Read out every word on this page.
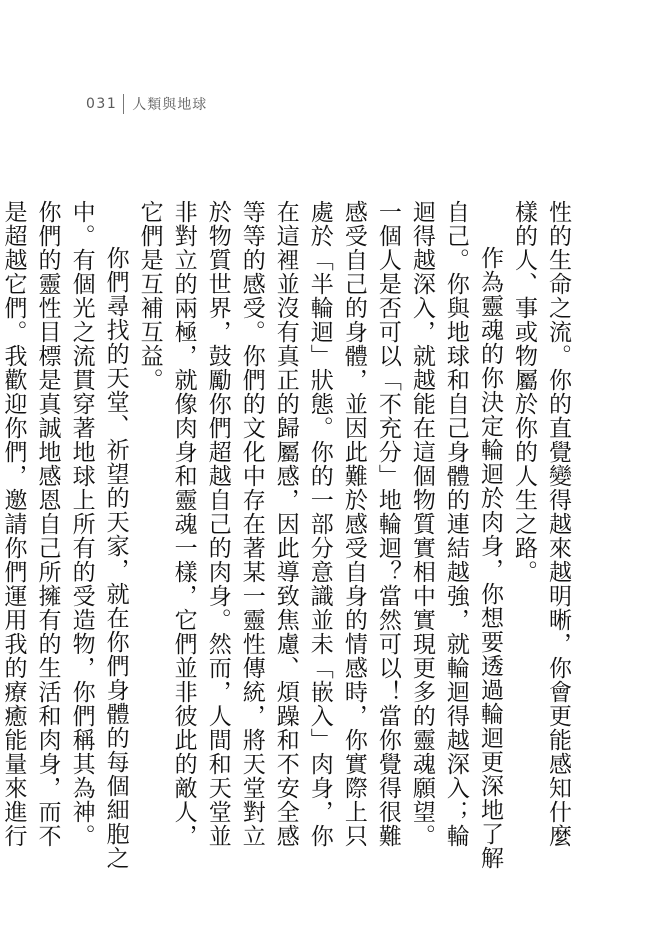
031 人類與地球

性的生命之流。你的直覺變得越來越明晰，你會更能感知什麼樣的人、事或物屬於你的人生之路。

作為靈魂的你決定輪迴於肉身，你想要透過輪迴更深地了解自己。你與地球和自己身體的連結越強，就輪迴得越深入；輪迴得越深入，就越能在這個物質實相中實現更多的靈魂願望。一個人是否可以「不充分」地輪迴？當然可以！當你覺得很難感受自己的身體，並因此難於感受自身的情感時，你實際上只處於「半輪迴」狀態。你的一部分意識並未「嵌入」肉身，你在這裡並沒有真正的歸屬感，因此導致焦慮、煩躁和不安全感等等的感受。你們的文化中存在著某一靈性傳統，將天堂對立於物質世界，鼓勵你們超越自己的肉身。然而，人間和天堂並非對立的兩極，就像肉身和靈魂一樣，它們並非彼此的敵人，它們是互補互益。

你們尋找的天堂、祈望的天家，就在你們身體的每個細胞之中。有個光之流貫穿著地球上所有的受造物，你們稱其為神。你們的靈性目標是真誠地感恩自己所擁有的生活和肉身，而不是超越它們。我歡迎你們，邀請你們運用我的療癒能量來進行
